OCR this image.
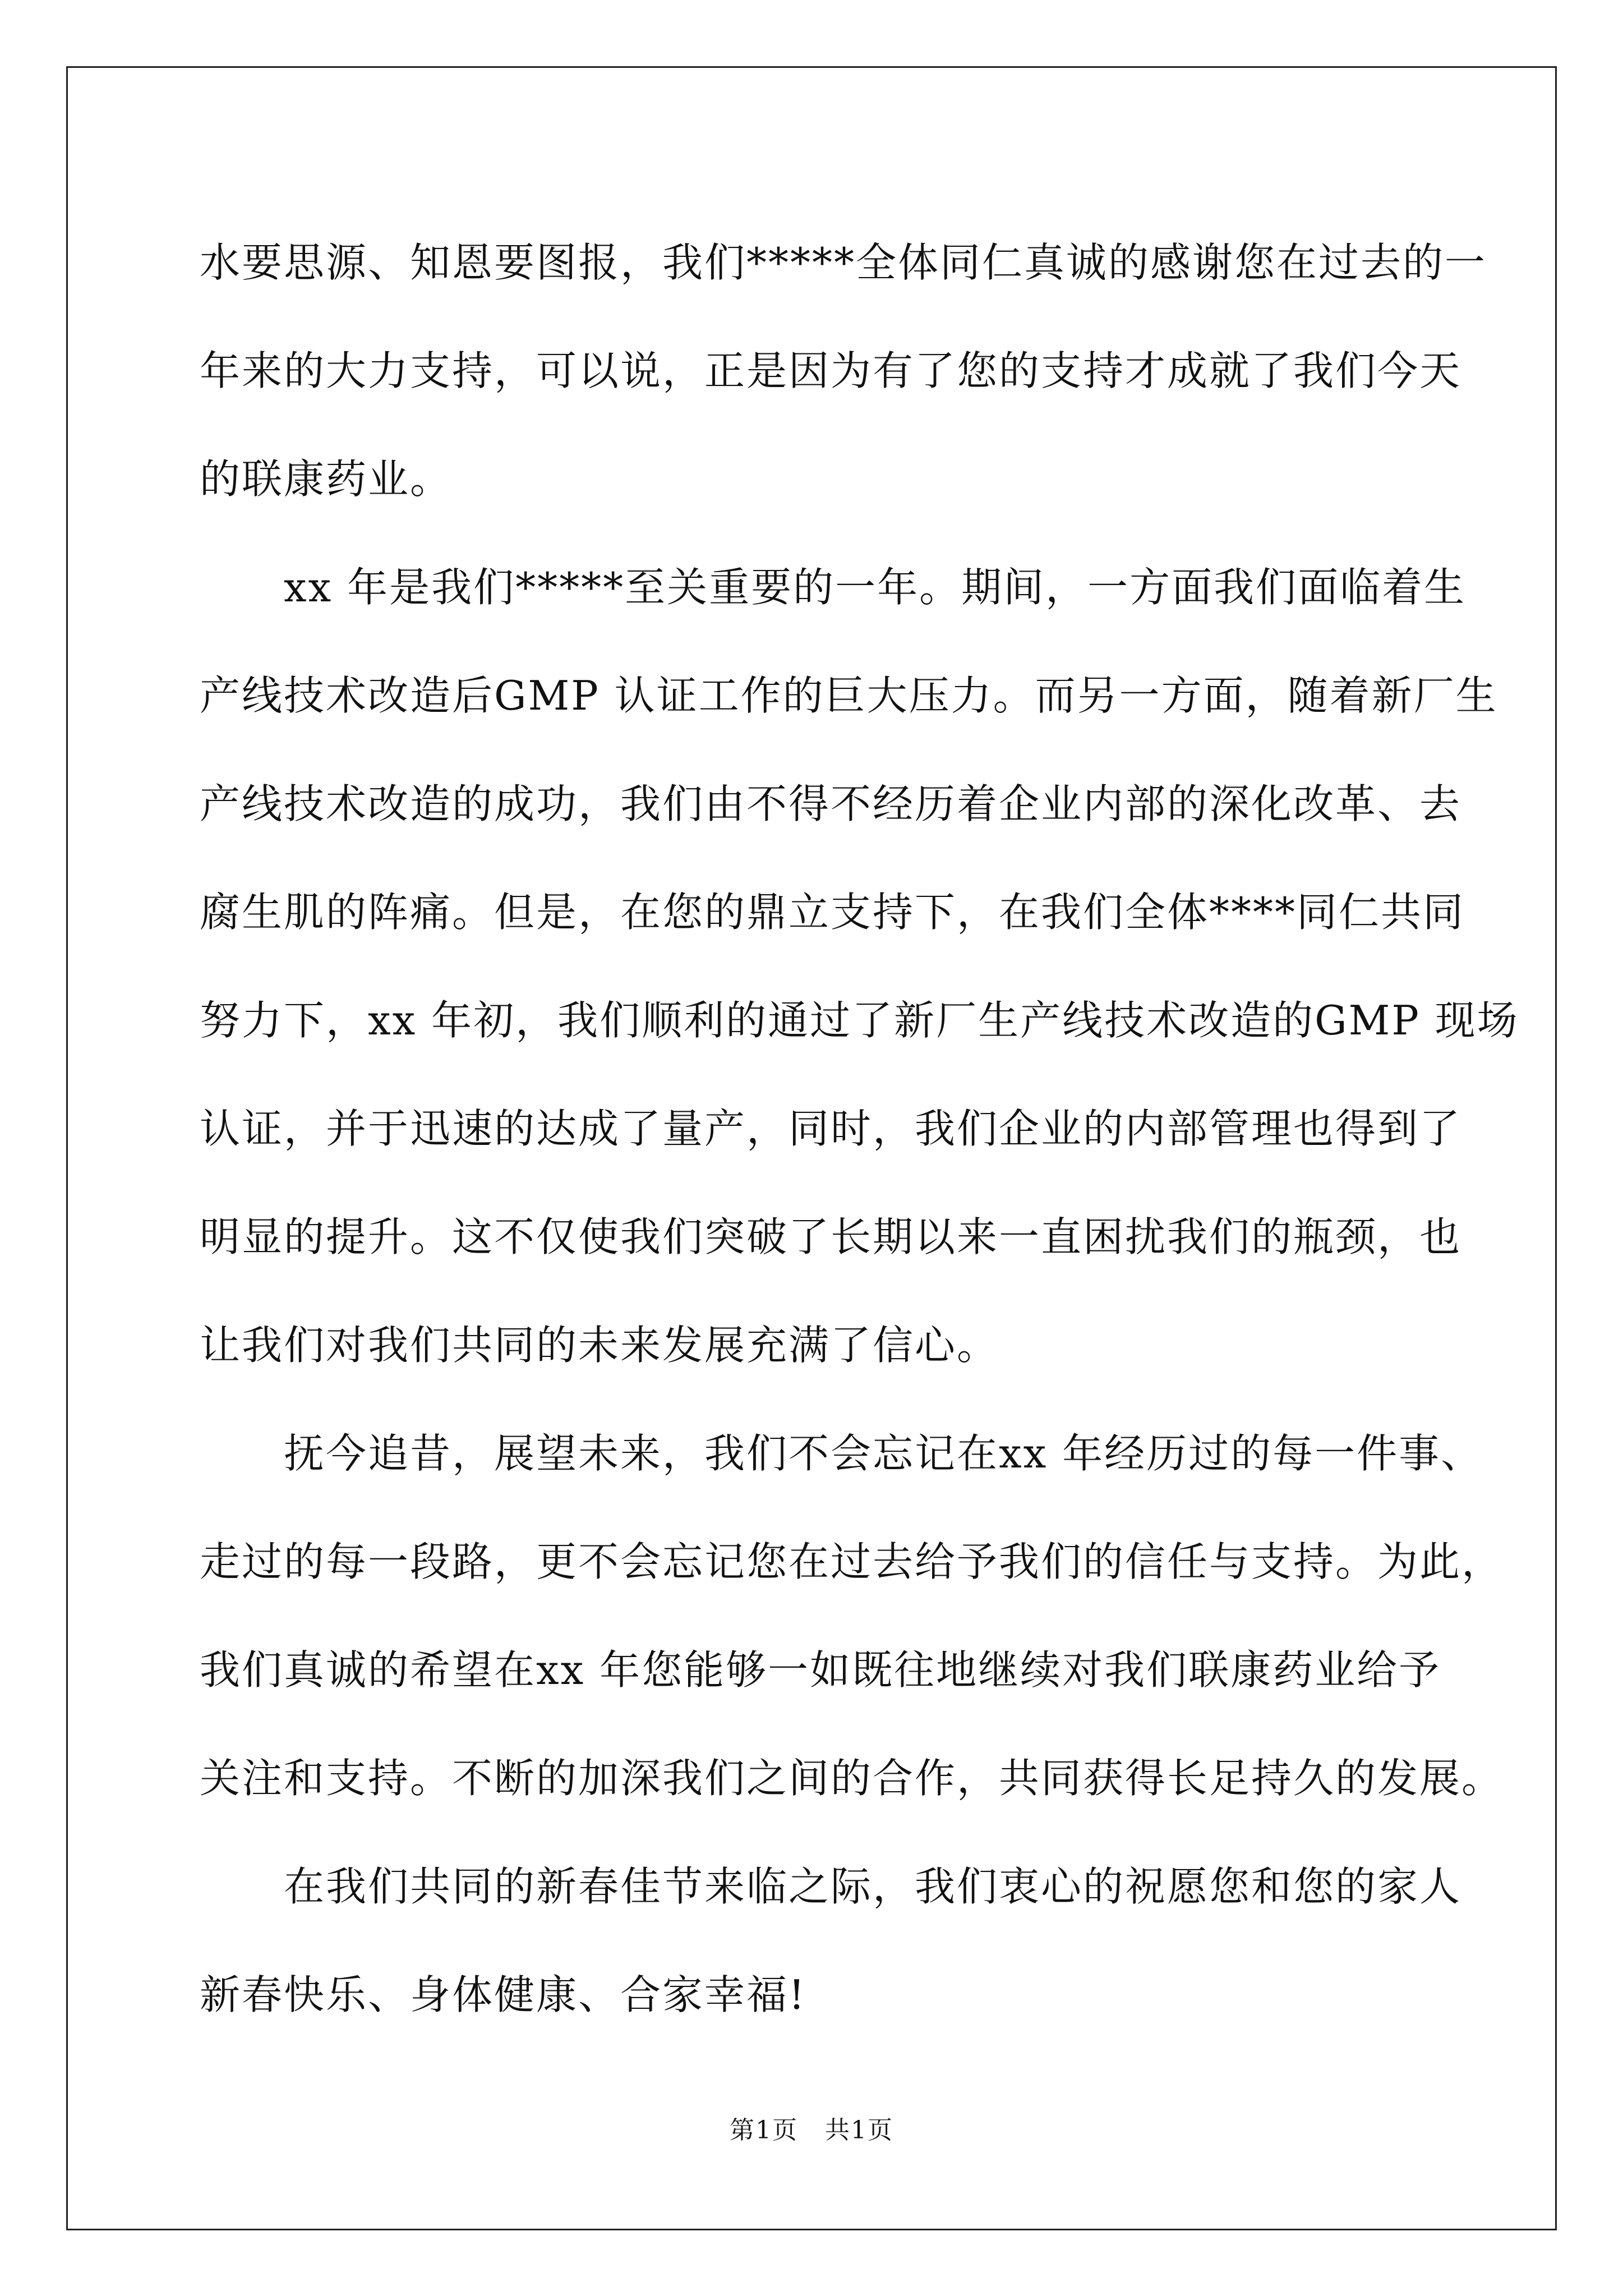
水要思源、知恩要图报，我们*****全体同仁真诚的感谢您在过去的一
年来的大力支持，可以说，正是因为有了您的支持才成就了我们今天
的联康药业。

xx 年是我们*****至关重要的一年。期间，一方面我们面临着生
产线技术改造后GMP 认证工作的巨大压力。而另一方面，随着新厂生
产线技术改造的成功，我们由不得不经历着企业内部的深化改革、去
腐生肌的阵痛。但是，在您的鼎立支持下，在我们全体****同仁共同
努力下，xx 年初，我们顺利的通过了新厂生产线技术改造的GMP 现场
认证，并于迅速的达成了量产，同时，我们企业的内部管理也得到了
明显的提升。这不仅使我们突破了长期以来一直困扰我们的瓶颈，也
让我们对我们共同的未来发展充满了信心。

抚今追昔，展望未来，我们不会忘记在xx 年经历过的每一件事、
走过的每一段路，更不会忘记您在过去给予我们的信任与支持。为此，
我们真诚的希望在xx 年您能够一如既往地继续对我们联康药业给予
关注和支持。不断的加深我们之间的合作，共同获得长足持久的发展。

在我们共同的新春佳节来临之际，我们衷心的祝愿您和您的家人
新春快乐、身体健康、合家幸福!

第1页 共1页
